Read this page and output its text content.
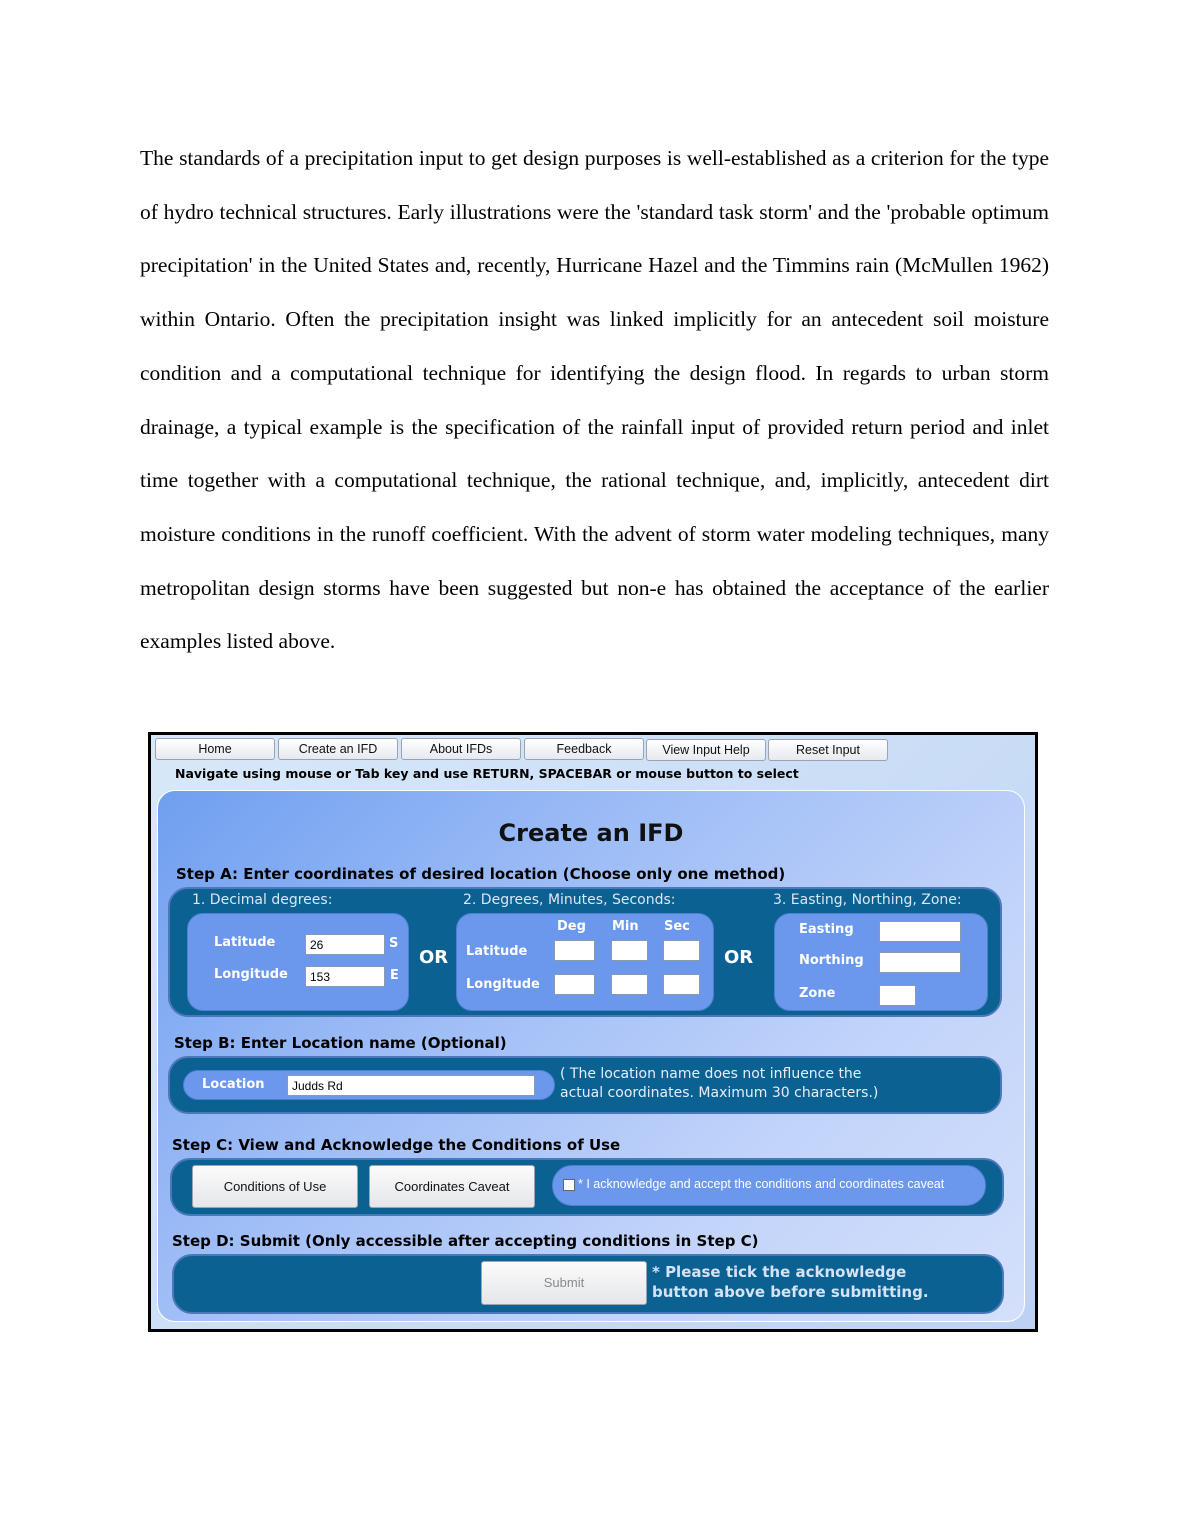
The standards of a precipitation input to get design purposes is well-established as a criterion for the type of hydro technical structures. Early illustrations were the 'standard task storm' and the 'probable optimum precipitation' in the United States and, recently, Hurricane Hazel and the Timmins rain (McMullen 1962) within Ontario. Often the precipitation insight was linked implicitly for an antecedent soil moisture condition and a computational technique for identifying the design flood. In regards to urban storm drainage, a typical example is the specification of the rainfall input of provided return period and inlet time together with a computational technique, the rational technique, and, implicitly, antecedent dirt moisture conditions in the runoff coefficient. With the advent of storm water modeling techniques, many metropolitan design storms have been suggested but non-e has obtained the acceptance of the earlier examples listed above.

Home	Create an IFD	About IFDs	Feedback	View Input Help	Reset Input
Navigate using mouse or Tab key and use RETURN, SPACEBAR or mouse button to select
Create an IFD
Step A: Enter coordinates of desired location (Choose only one method)
1. Decimal degrees:	2. Degrees, Minutes, Seconds:	3. Easting, Northing, Zone:
Latitude	26	S
Longitude	153	E
OR
Deg Min Sec
Latitude
Longitude
OR
Easting
Northing
Zone
Step B: Enter Location name (Optional)
Location	Judds Rd
( The location name does not influence the
actual coordinates. Maximum 30 characters.)
Step C: View and Acknowledge the Conditions of Use
Conditions of Use	Coordinates Caveat	* I acknowledge and accept the conditions and coordinates caveat
Step D: Submit (Only accessible after accepting conditions in Step C)
Submit
* Please tick the acknowledge
button above before submitting.
